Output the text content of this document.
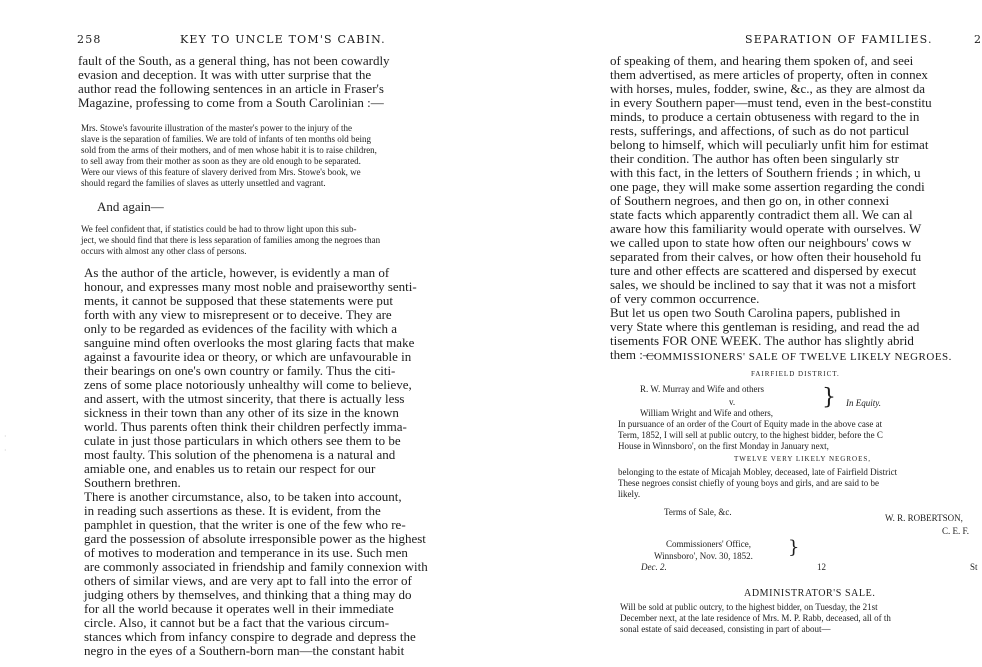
·
·
258	KEY TO UNCLE TOM'S CABIN.
fault of the South, as a general thing, has not been cowardly
evasion and deception. It was with utter surprise that the
author read the following sentences in an article in Fraser's
Magazine, professing to come from a South Carolinian :—
Mrs. Stowe's favourite illustration of the master's power to the injury of the
slave is the separation of families. We are told of infants of ten months old being
sold from the arms of their mothers, and of men whose habit it is to raise children,
to sell away from their mother as soon as they are old enough to be separated.
Were our views of this feature of slavery derived from Mrs. Stowe's book, we
should regard the families of slaves as utterly unsettled and vagrant.
And again—
We feel confident that, if statistics could be had to throw light upon this sub-
ject, we should find that there is less separation of families among the negroes than
occurs with almost any other class of persons.
As the author of the article, however, is evidently a man of
honour, and expresses many most noble and praiseworthy senti-
ments, it cannot be supposed that these statements were put
forth with any view to misrepresent or to deceive. They are
only to be regarded as evidences of the facility with which a
sanguine mind often overlooks the most glaring facts that make
against a favourite idea or theory, or which are unfavourable in
their bearings on one's own country or family. Thus the citi-
zens of some place notoriously unhealthy will come to believe,
and assert, with the utmost sincerity, that there is actually less
sickness in their town than any other of its size in the known
world. Thus parents often think their children perfectly imma-
culate in just those particulars in which others see them to be
most faulty. This solution of the phenomena is a natural and
amiable one, and enables us to retain our respect for our
Southern brethren.
There is another circumstance, also, to be taken into account,
in reading such assertions as these. It is evident, from the
pamphlet in question, that the writer is one of the few who re-
gard the possession of absolute irresponsible power as the highest
of motives to moderation and temperance in its use. Such men
are commonly associated in friendship and family connexion with
others of similar views, and are very apt to fall into the error of
judging others by themselves, and thinking that a thing may do
for all the world because it operates well in their immediate
circle. Also, it cannot but be a fact that the various circum-
stances which from infancy conspire to degrade and depress the
negro in the eyes of a Southern-born man—the constant habit
SEPARATION OF FAMILIES.	2
of speaking of them, and hearing them spoken of, and seei
them advertised, as mere articles of property, often in connex
with horses, mules, fodder, swine, &c., as they are almost da
in every Southern paper—must tend, even in the best-constitu
minds, to produce a certain obtuseness with regard to the in
rests, sufferings, and affections, of such as do not particul
belong to himself, which will peculiarly unfit him for estimat
their condition. The author has often been singularly str
with this fact, in the letters of Southern friends ; in which, u
one page, they will make some assertion regarding the condi
of Southern negroes, and then go on, in other connexi
state facts which apparently contradict them all. We can al
aware how this familiarity would operate with ourselves. W
we called upon to state how often our neighbours' cows w
separated from their calves, or how often their household fu
ture and other effects are scattered and dispersed by execut
sales, we should be inclined to say that it was not a misfort
of very common occurrence.
But let us open two South Carolina papers, published in
very State where this gentleman is residing, and read the ad
tisements FOR ONE WEEK. The author has slightly abrid
them :—
COMMISSIONERS' SALE OF TWELVE LIKELY NEGROES.
FAIRFIELD DISTRICT.
R. W. Murray and Wife and others
v.
William Wright and Wife and others,
} In Equity.
In pursuance of an order of the Court of Equity made in the above case at
Term, 1852, I will sell at public outcry, to the highest bidder, before the C
House in Winnsboro', on the first Monday in January next,
TWELVE VERY LIKELY NEGROES,
belonging to the estate of Micajah Mobley, deceased, late of Fairfield District
These negroes consist chiefly of young boys and girls, and are said to be
likely.
Terms of Sale, &c.
W. R. ROBERTSON,
C. E. F.
Commissioners' Office,
Winnsboro', Nov. 30, 1852. }
Dec. 2.	12	St
ADMINISTRATOR'S SALE.
Will be sold at public outcry, to the highest bidder, on Tuesday, the 21st
December next, at the late residence of Mrs. M. P. Rabb, deceased, all of th
sonal estate of said deceased, consisting in part of about—
